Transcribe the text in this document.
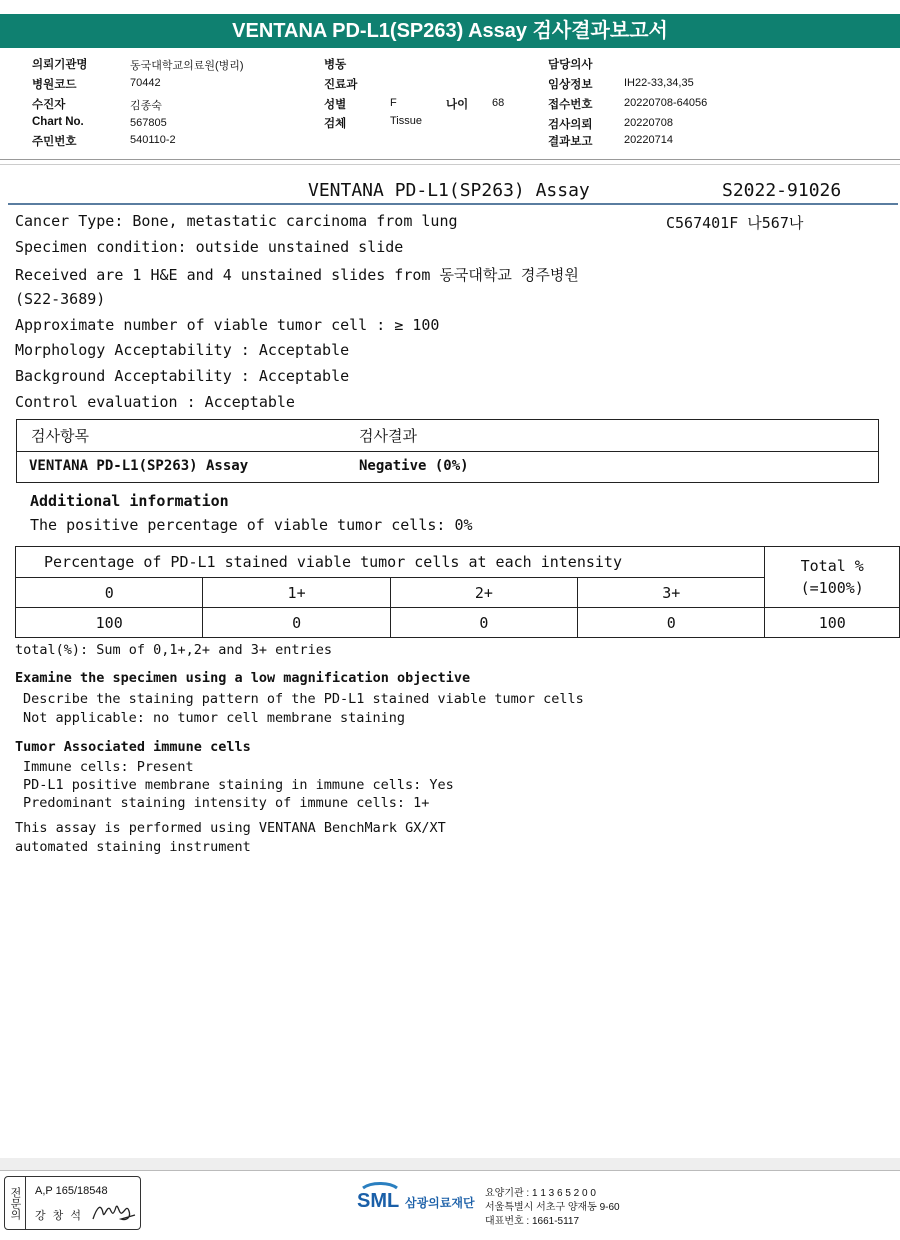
VENTANA PD-L1(SP263) Assay 검사결과보고서
의뢰기관명	동국대학교의료원(병리)
병원코드	70442
수진자	김종숙
Chart No.	567805
주민번호	540110-2
병동
진료과
성별	F	나이 68
검체	Tissue
담당의사
임상정보	IH22-33,34,35
접수번호	20220708-64056
검사의뢰	20220708
결과보고	20220714
VENTANA PD-L1(SP263) Assay	S2022-91026
C567401F 나567나
Cancer Type: Bone, metastatic carcinoma from lung
Specimen condition: outside unstained slide
Received are 1 H&E and 4 unstained slides from 동국대학교 경주병원
(S22-3689)
Approximate number of viable tumor cell : ≥ 100
Morphology Acceptability : Acceptable
Background Acceptability : Acceptable
Control evaluation : Acceptable
검사항목	검사결과
VENTANA PD-L1(SP263) Assay	Negative (0%)
Additional information
The positive percentage of viable tumor cells: 0%
Percentage of PD-L1 stained viable tumor cells at each intensity				Total %
(=100%)

0	1+	2+	3+	
100	0	0	0	100
total(%): Sum of 0,1+,2+ and 3+ entries
Examine the specimen using a low magnification objective
Describe the staining pattern of the PD-L1 stained viable tumor cells
Not applicable: no tumor cell membrane staining
Tumor Associated immune cells
Immune cells: Present
PD-L1 positive membrane staining in immune cells: Yes
Predominant staining intensity of immune cells: 1+
This assay is performed using VENTANA BenchMark GX/XT
automated staining instrument
전문의	A,P 165/18548
강 창 석
SML 삼광의료재단
요양기관 : 1 1 3 6 5 2 0 0
서울특별시 서초구 양재동 9-60
대표번호 : 1661-5117
